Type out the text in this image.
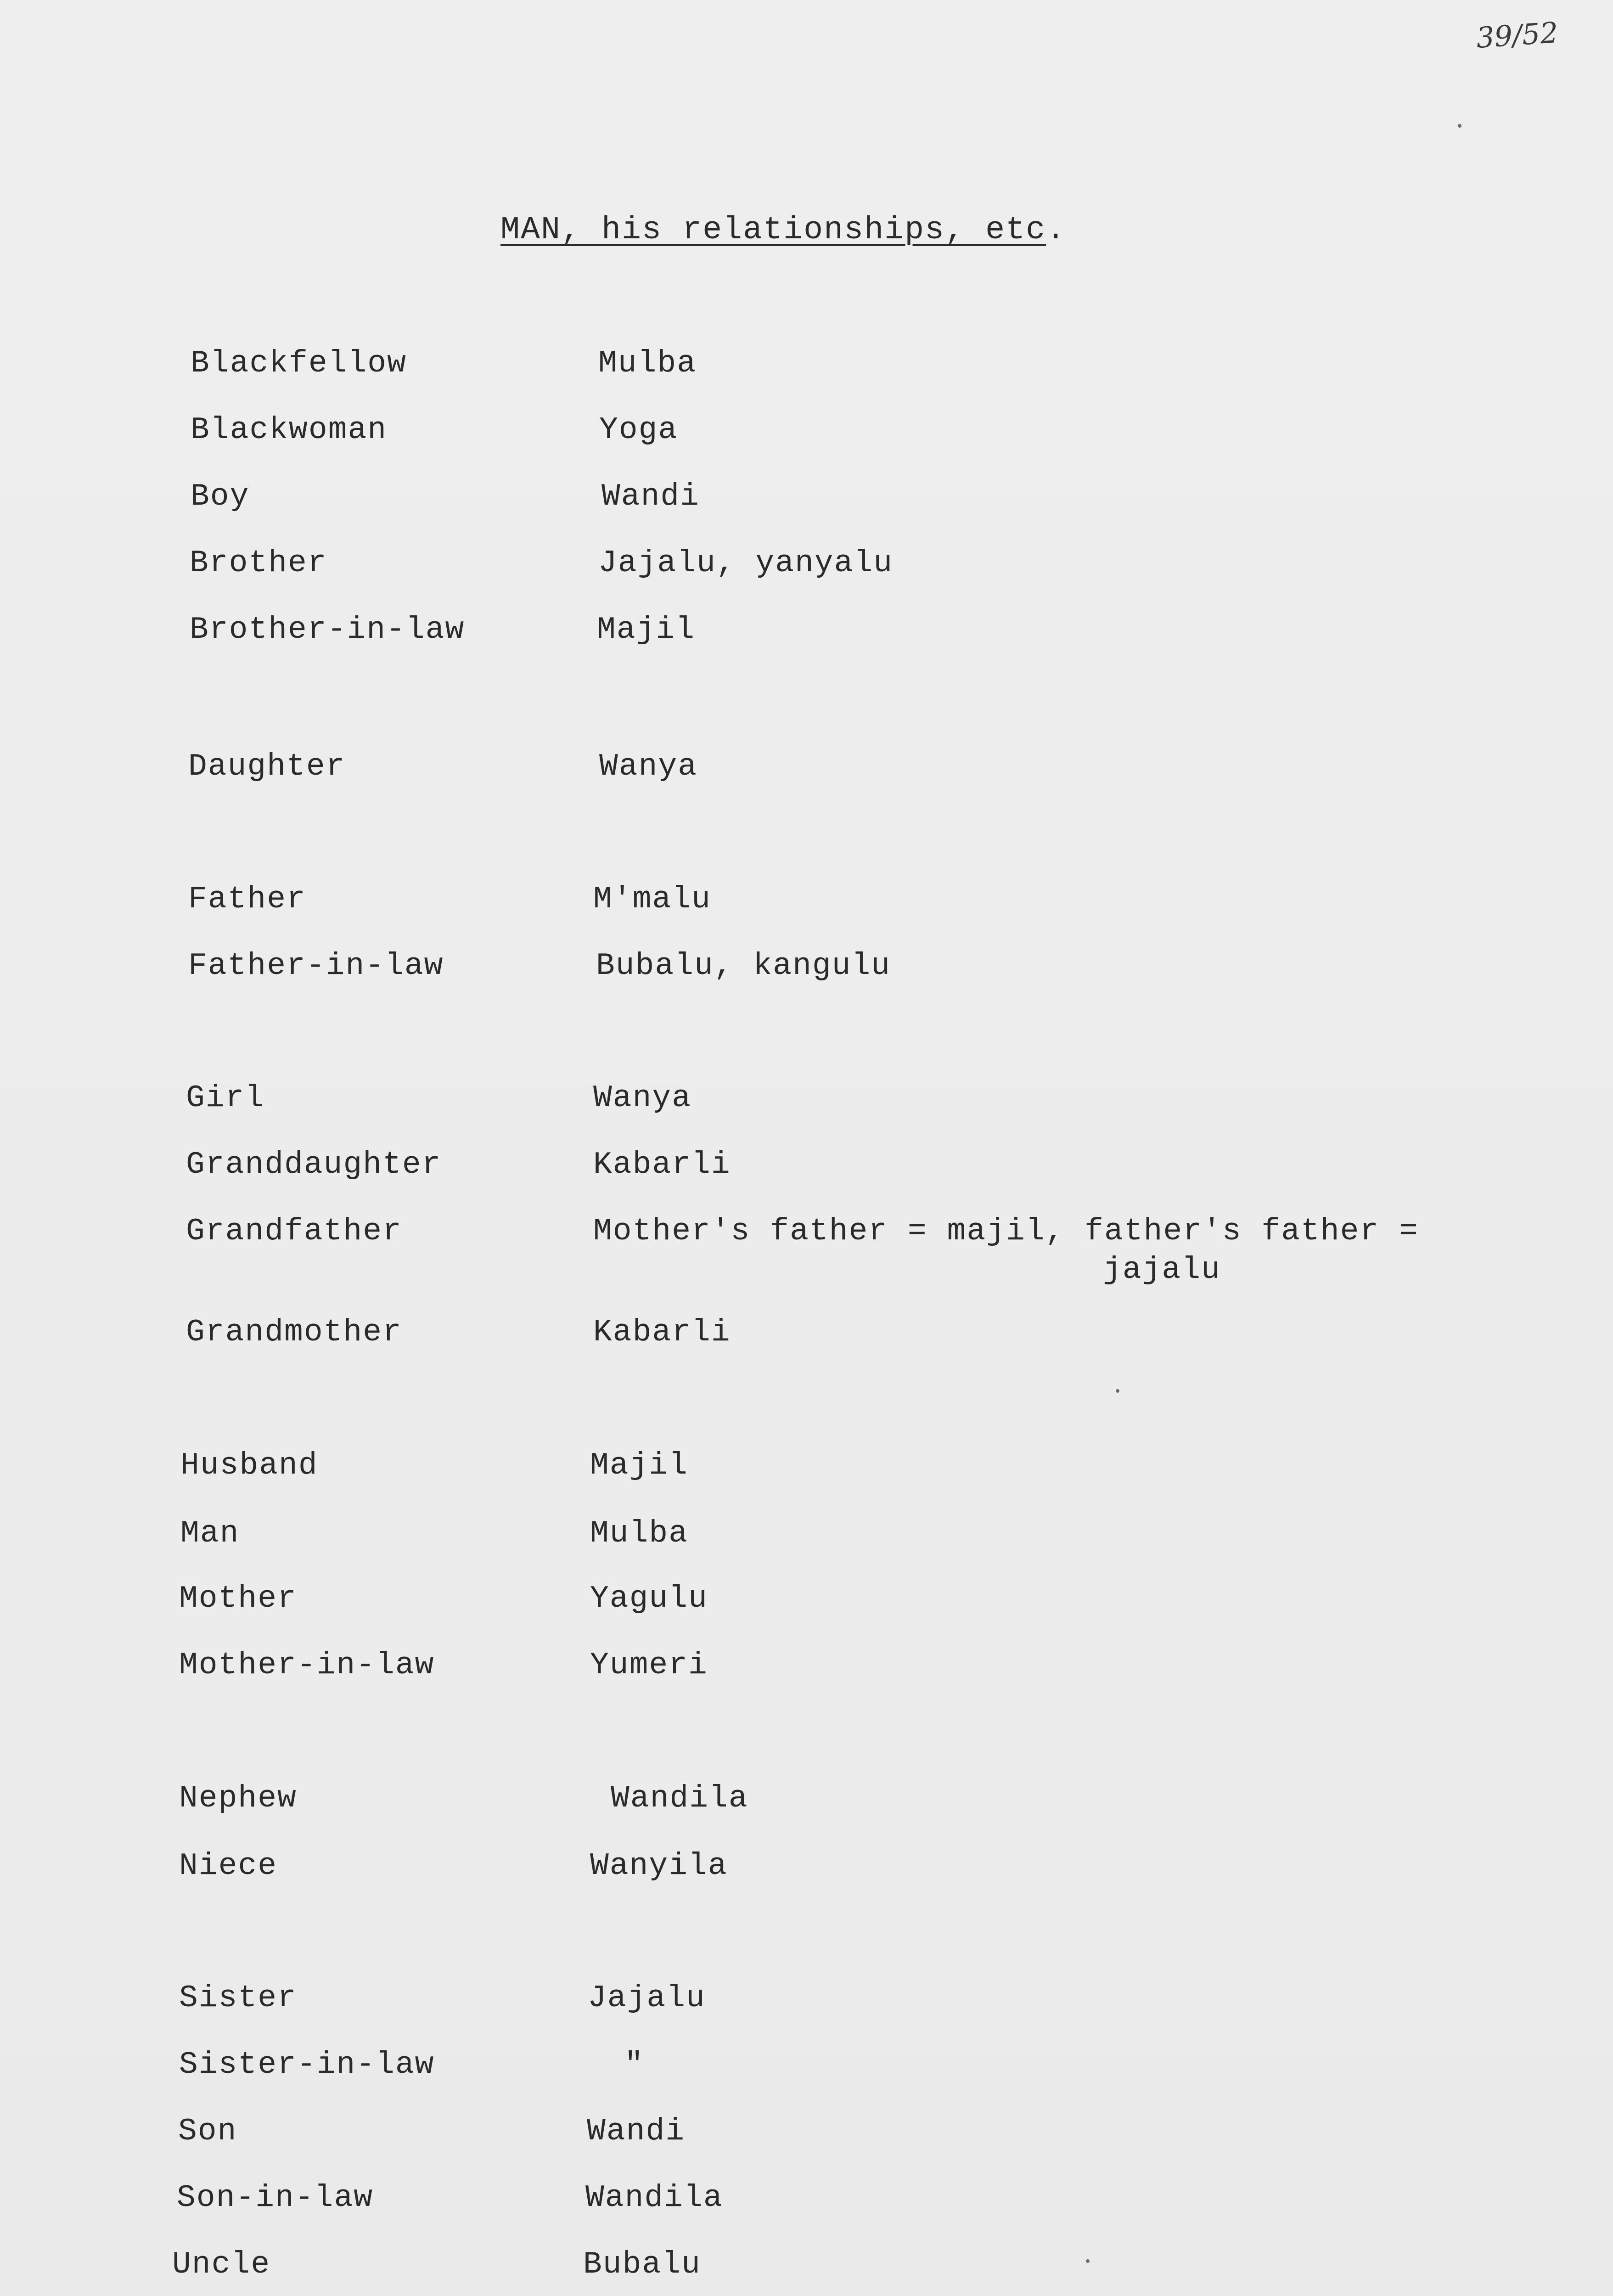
39/52
MAN, his relationships, etc.
Blackfellow	Mulba
Blackwoman	Yoga
Boy	Wandi
Brother	Jajalu, yanyalu
Brother-in-law	Majil
Daughter	Wanya
Father	M'malu
Father-in-law	Bubalu, kangulu
Girl	Wanya
Granddaughter	Kabarli
Grandfather	Mother's father = majil, father's father =
jajalu
Grandmother	Kabarli
Husband	Majil
Man	Mulba
Mother	Yagulu
Mother-in-law	Yumeri
Nephew	Wandila
Niece	Wanyila
Sister	Jajalu
Sister-in-law	"
Son	Wandi
Son-in-law	Wandila
Uncle	Bubalu
